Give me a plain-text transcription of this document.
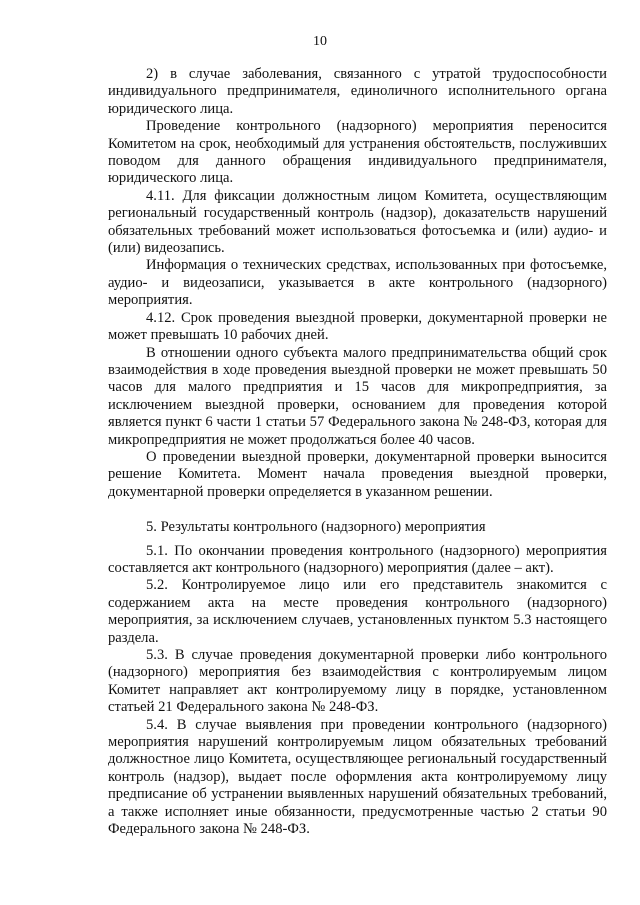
10

2) в случае заболевания, связанного с утратой трудоспособности индивидуального предпринимателя, единоличного исполнительного органа юридического лица.

Проведение контрольного (надзорного) мероприятия переносится Комитетом на срок, необходимый для устранения обстоятельств, послуживших поводом для данного обращения индивидуального предпринимателя, юридического лица.

4.11. Для фиксации должностным лицом Комитета, осуществляющим региональный государственный контроль (надзор), доказательств нарушений обязательных требований может использоваться фотосъемка и (или) аудио- и (или) видеозапись.

Информация о технических средствах, использованных при фотосъемке, аудио- и видеозаписи, указывается в акте контрольного (надзорного) мероприятия.

4.12. Срок проведения выездной проверки, документарной проверки не может превышать 10 рабочих дней.

В отношении одного субъекта малого предпринимательства общий срок взаимодействия в ходе проведения выездной проверки не может превышать 50 часов для малого предприятия и 15 часов для микропредприятия, за исключением выездной проверки, основанием для проведения которой является пункт 6 части 1 статьи 57 Федерального закона № 248-ФЗ, которая для микропредприятия не может продолжаться более 40 часов.

О проведении выездной проверки, документарной проверки выносится решение Комитета. Момент начала проведения выездной проверки, документарной проверки определяется в указанном решении.

5. Результаты контрольного (надзорного) мероприятия

5.1. По окончании проведения контрольного (надзорного) мероприятия составляется акт контрольного (надзорного) мероприятия (далее – акт).

5.2. Контролируемое лицо или его представитель знакомится с содержанием акта на месте проведения контрольного (надзорного) мероприятия, за исключением случаев, установленных пунктом 5.3 настоящего раздела.

5.3. В случае проведения документарной проверки либо контрольного (надзорного) мероприятия без взаимодействия с контролируемым лицом Комитет направляет акт контролируемому лицу в порядке, установленном статьей 21 Федерального закона № 248-ФЗ.

5.4. В случае выявления при проведении контрольного (надзорного) мероприятия нарушений контролируемым лицом обязательных требований должностное лицо Комитета, осуществляющее региональный государственный контроль (надзор), выдает после оформления акта контролируемому лицу предписание об устранении выявленных нарушений обязательных требований, а также исполняет иные обязанности, предусмотренные частью 2 статьи 90 Федерального закона № 248-ФЗ.
